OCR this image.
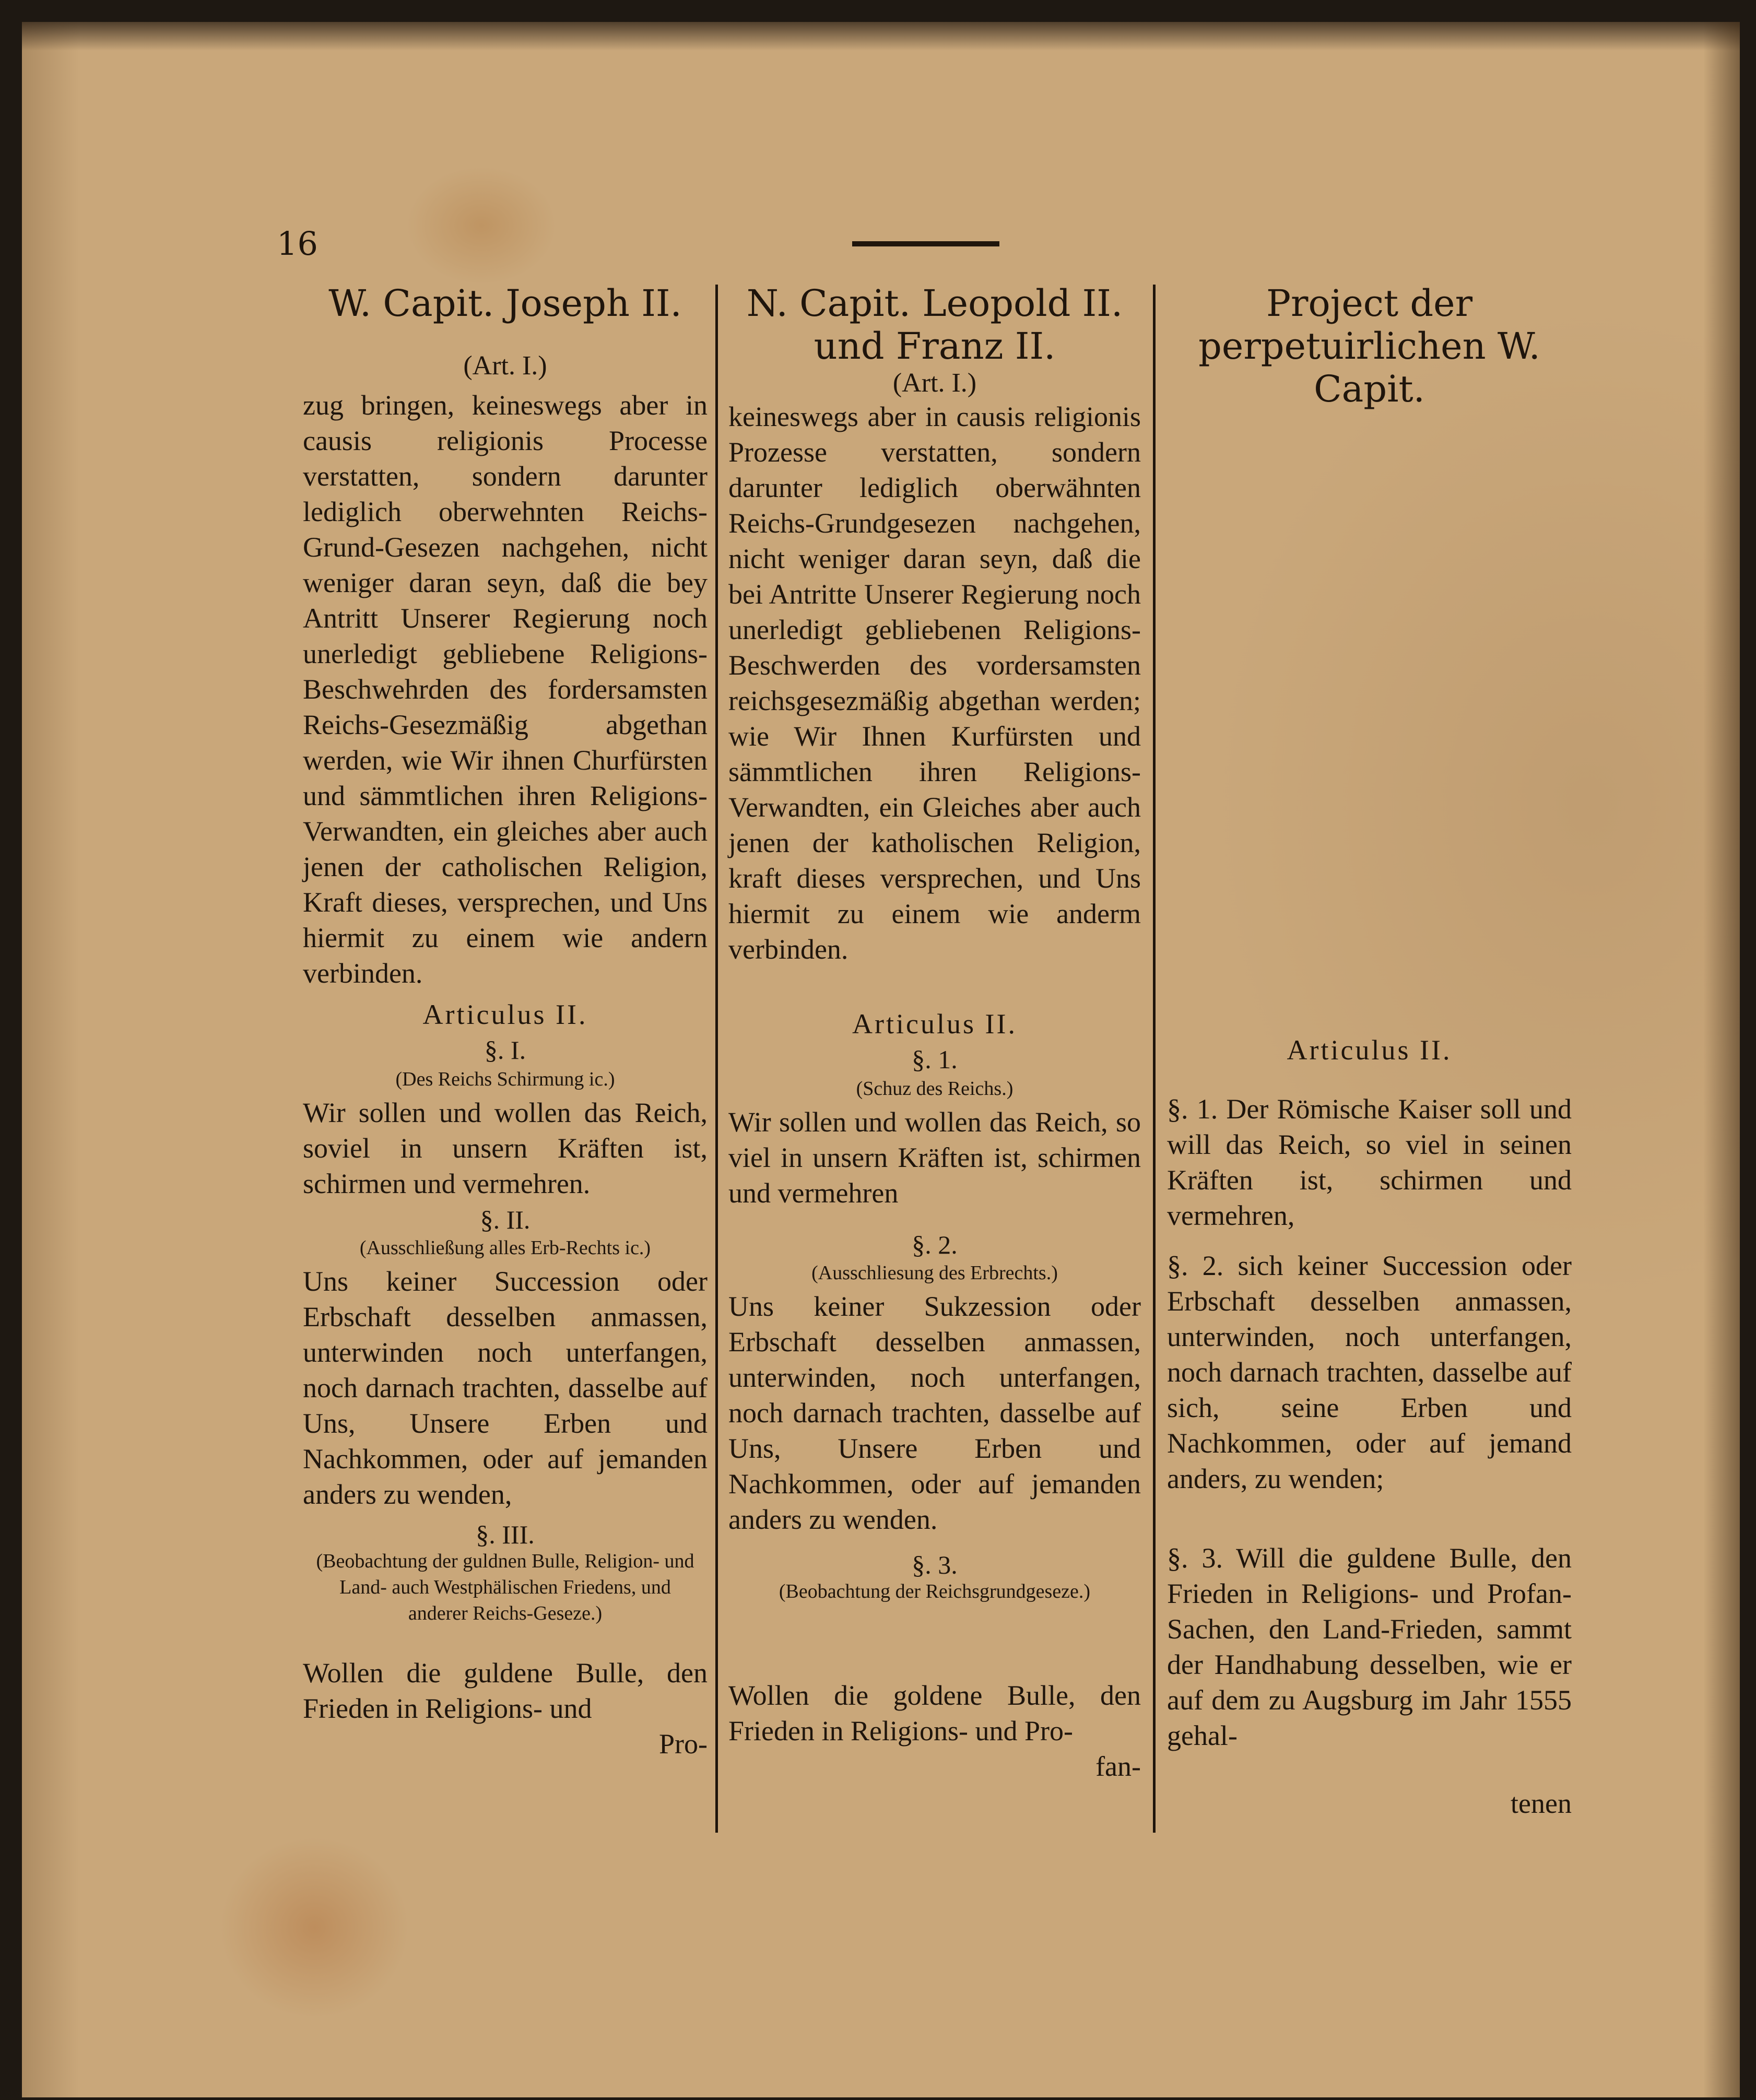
16
W. Capit. Joseph II.

(Art. I.)

zug bringen, keineswegs aber in causis religionis Processe verstatten, sondern darunter lediglich oberwehnten Reichs-Grund-Gesezen nachgehen, nicht weniger daran seyn, daß die bey Antritt Unserer Regierung noch unerledigt gebliebene Religions-Beschwehrden des fordersamsten Reichs-Gesezmäßig abgethan werden, wie Wir ihnen Churfürsten und sämmtlichen ihren Religions-Verwandten, ein gleiches aber auch jenen der catholischen Religion, Kraft dieses, versprechen, und Uns hiermit zu einem wie andern verbinden.

Articulus II.

§. I.

(Des Reichs Schirmung ic.)

Wir sollen und wollen das Reich, soviel in unsern Kräften ist, schirmen und vermehren.

§. II.

(Ausschließung alles Erb-Rechts ic.)

Uns keiner Succession oder Erbschaft desselben anmassen, unterwinden noch unterfangen, noch darnach trachten, dasselbe auf Uns, Unsere Erben und Nachkommen, oder auf jemanden anders zu wenden,

§. III.

(Beobachtung der guldnen Bulle, Religion- und Land- auch Westphälischen Friedens, und anderer Reichs-Geseze.)

Wollen die guldene Bulle, den Frieden in Religions- und

Pro-

N. Capit. Leopold II. und Franz II.

(Art. I.)

keineswegs aber in causis religionis Prozesse verstatten, sondern darunter lediglich oberwähnten Reichs-Grundgesezen nachgehen, nicht weniger daran seyn, daß die bei Antritte Unserer Regierung noch unerledigt gebliebenen Religions-Beschwerden des vordersamsten reichsgesezmäßig abgethan werden; wie Wir Ihnen Kurfürsten und sämmtlichen ihren Religions-Verwandten, ein Gleiches aber auch jenen der katholischen Religion, kraft dieses versprechen, und Uns hiermit zu einem wie anderm verbinden.

Articulus II.

§. 1.

(Schuz des Reichs.)

Wir sollen und wollen das Reich, so viel in unsern Kräften ist, schirmen und vermehren

§. 2.

(Ausschliesung des Erbrechts.)

Uns keiner Sukzession oder Erbschaft desselben anmassen, unterwinden, noch unterfangen, noch darnach trachten, dasselbe auf Uns, Unsere Erben und Nachkommen, oder auf jemanden anders zu wenden.

§. 3.

(Beobachtung der Reichsgrundgeseze.)

Wollen die goldene Bulle, den Frieden in Religions- und Pro-

fan-

Project der perpetuirlichen W. Capit.

Articulus II.

§. 1. Der Römische Kaiser soll und will das Reich, so viel in seinen Kräften ist, schirmen und vermehren,

§. 2. sich keiner Succession oder Erbschaft desselben anmassen, unterwinden, noch unterfangen, noch darnach trachten, dasselbe auf sich, seine Erben und Nachkommen, oder auf jemand anders, zu wenden;

§. 3. Will die guldene Bulle, den Frieden in Religions- und Profan-Sachen, den Land-Frieden, sammt der Handhabung desselben, wie er auf dem zu Augsburg im Jahr 1555 gehal-

tenen
